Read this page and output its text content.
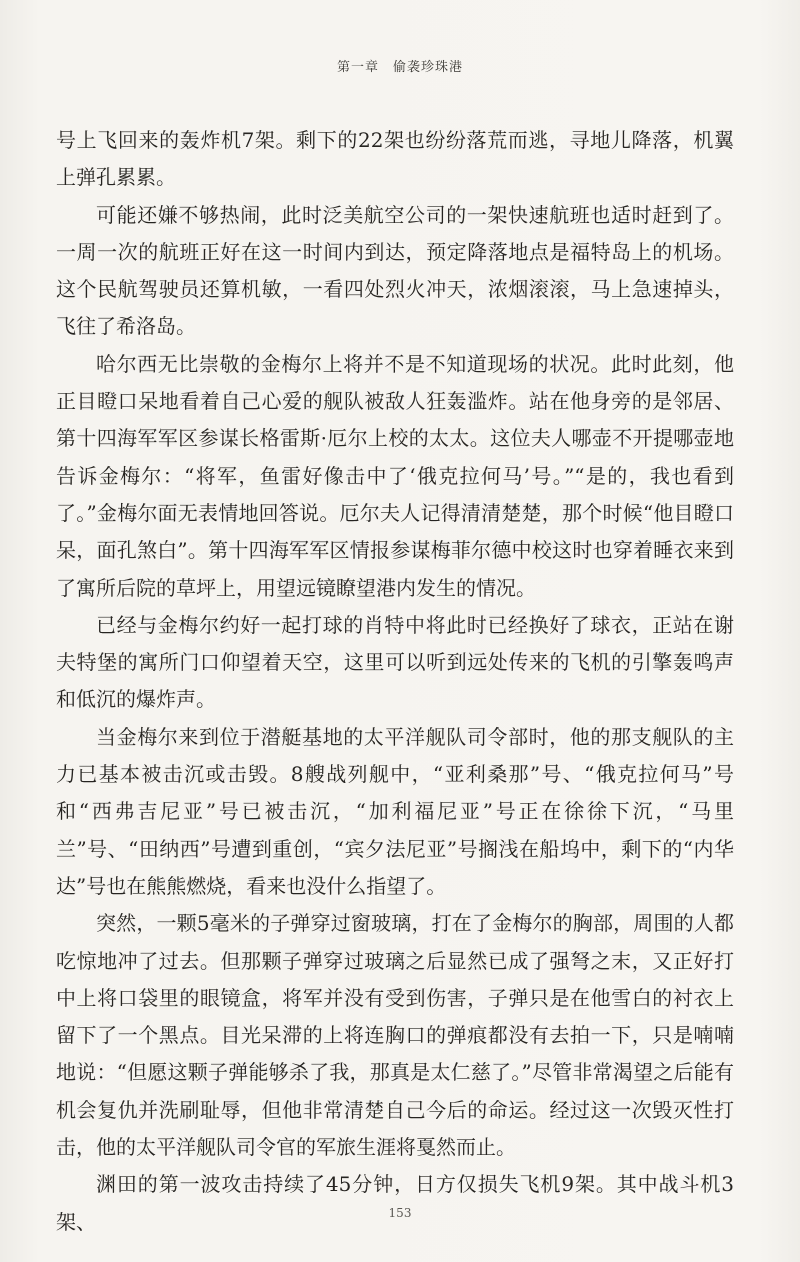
第一章 偷袭珍珠港

号上飞回来的轰炸机7架。剩下的22架也纷纷落荒而逃，寻地儿降落，机翼上弹孔累累。

可能还嫌不够热闹，此时泛美航空公司的一架快速航班也适时赶到了。一周一次的航班正好在这一时间内到达，预定降落地点是福特岛上的机场。这个民航驾驶员还算机敏，一看四处烈火冲天，浓烟滚滚，马上急速掉头，飞往了希洛岛。

哈尔西无比崇敬的金梅尔上将并不是不知道现场的状况。此时此刻，他正目瞪口呆地看着自己心爱的舰队被敌人狂轰滥炸。站在他身旁的是邻居、第十四海军军区参谋长格雷斯·厄尔上校的太太。这位夫人哪壶不开提哪壶地告诉金梅尔：“将军，鱼雷好像击中了‘俄克拉何马’号。”“是的，我也看到了。”金梅尔面无表情地回答说。厄尔夫人记得清清楚楚，那个时候“他目瞪口呆，面孔煞白”。第十四海军军区情报参谋梅菲尔德中校这时也穿着睡衣来到了寓所后院的草坪上，用望远镜瞭望港内发生的情况。

已经与金梅尔约好一起打球的肖特中将此时已经换好了球衣，正站在谢夫特堡的寓所门口仰望着天空，这里可以听到远处传来的飞机的引擎轰鸣声和低沉的爆炸声。

当金梅尔来到位于潜艇基地的太平洋舰队司令部时，他的那支舰队的主力已基本被击沉或击毁。8艘战列舰中，“亚利桑那”号、“俄克拉何马”号和“西弗吉尼亚”号已被击沉，“加利福尼亚”号正在徐徐下沉，“马里兰”号、“田纳西”号遭到重创，“宾夕法尼亚”号搁浅在船坞中，剩下的“内华达”号也在熊熊燃烧，看来也没什么指望了。

突然，一颗5毫米的子弹穿过窗玻璃，打在了金梅尔的胸部，周围的人都吃惊地冲了过去。但那颗子弹穿过玻璃之后显然已成了强弩之末，又正好打中上将口袋里的眼镜盒，将军并没有受到伤害，子弹只是在他雪白的衬衣上留下了一个黑点。目光呆滞的上将连胸口的弹痕都没有去拍一下，只是喃喃地说：“但愿这颗子弹能够杀了我，那真是太仁慈了。”尽管非常渴望之后能有机会复仇并洗刷耻辱，但他非常清楚自己今后的命运。经过这一次毁灭性打击，他的太平洋舰队司令官的军旅生涯将戛然而止。

渊田的第一波攻击持续了45分钟，日方仅损失飞机9架。其中战斗机3架、	153
